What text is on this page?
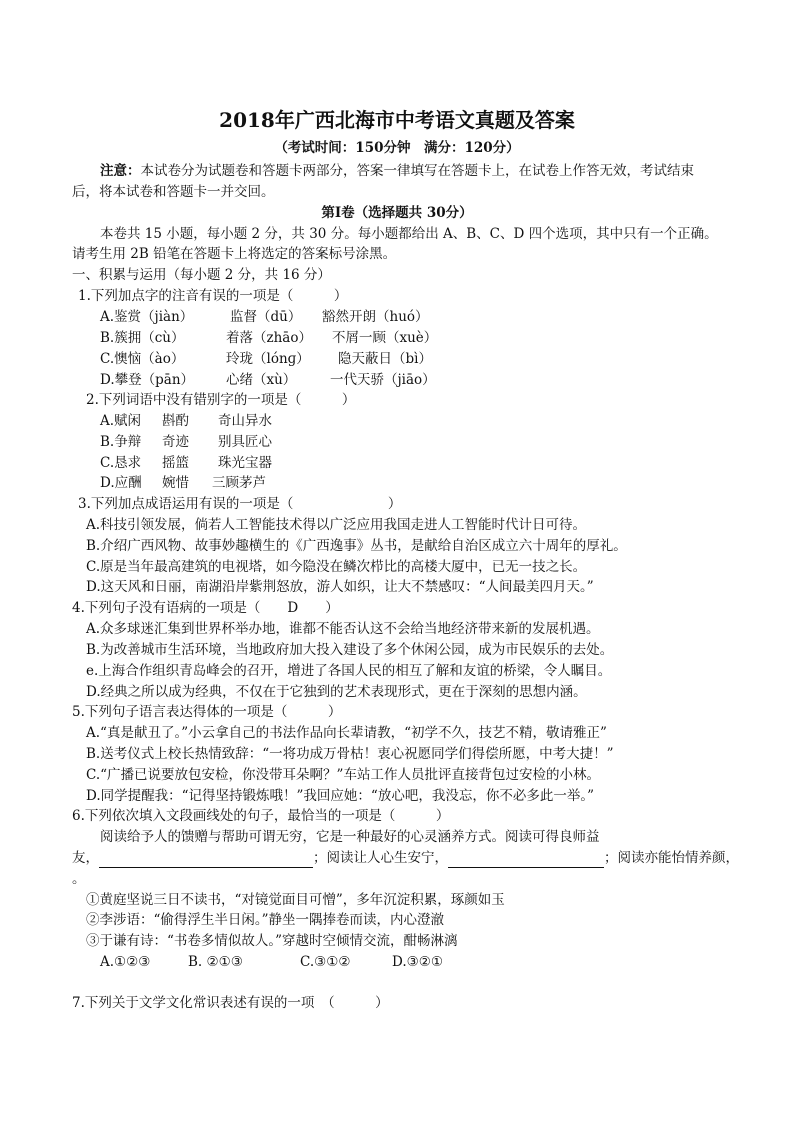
2018年广西北海市中考语文真题及答案
（考试时间：150分钟　满分：120分）
注意：本试卷分为试题卷和答题卡两部分，答案一律填写在答题卡上，在试卷上作答无效，考试结束
后，将本试卷和答题卡一并交回。
第Ⅰ卷（选择题共 30分）
本卷共 15 小题，每小题 2 分，共 30 分。每小题都给出 A、B、C、D 四个选项，其中只有一个正确。
请考生用 2B 铅笔在答题卡上将选定的答案标号涂黑。
一、积累与运用（每小题 2 分，共 16 分）
1.下列加点字的注音有误的一项是（　　　）
A.鉴赏（jiàn）	监督（dū） 豁然开朗（huó）
B.簇拥（cù）	着落（zhāo） 不屑一顾（xuè）
C.懊恼（ào）	玲珑（lónɡ） 隐天蔽日（bì）
D.攀登（pān） 心绪（xù） 一代天骄（jiāo）
2.下列词语中没有错别字的一项是（　　　）
A.赋闲 斟酌 奇山异水
B.争辩 奇迹 别具匠心
C.恳求 摇篮 珠光宝器
D.应酬 婉惜 三顾茅芦
3.下列加点成语运用有误的一项是（　　　　　　　）
A.科技引领发展，倘若人工智能技术得以广泛应用我国走进人工智能时代计日可待。
B.介绍广西风物、故事妙趣横生的《广西逸事》丛书，是献给自治区成立六十周年的厚礼。
C.原是当年最高建筑的电视塔，如今隐没在鳞次栉比的高楼大厦中，已无一技之长。
D.这天风和日丽，南湖沿岸紫荆怒放，游人如织，让大不禁感叹：“人间最美四月天。”
4.下列句子没有语病的一项是（　　D　　）
A.众多球迷汇集到世界杯举办地，谁都不能否认这不会给当地经济带来新的发展机遇。
B.为改善城市生活环境，当地政府加大投入建设了多个休闲公园，成为市民娱乐的去处。
e.上海合作组织青岛峰会的召开，增进了各国人民的相互了解和友谊的桥梁，令人瞩目。
D.经典之所以成为经典，不仅在于它独到的艺术表现形式，更在于深刻的思想内涵。
5.下列句子语言表达得体的一项是（　　　）
A.“真是献丑了。”小云拿自己的书法作品向长辈请教，“初学不久，技艺不精，敬请雅正”
B.送考仪式上校长热情致辞：“一将功成万骨枯！衷心祝愿同学们得偿所愿，中考大捷！”
C.“广播已说要放包安检，你没带耳朵啊？”车站工作人员批评直接背包过安检的小林。
D.同学提醒我：“记得坚持锻炼哦！”我回应她：“放心吧，我没忘，你不必多此一举。”
6.下列依次填入文段画线处的句子，最恰当的一项是（　　　）
阅读给予人的馈赠与帮助可谓无穷，它是一种最好的心灵涵养方式。阅读可得良师益
友，	；阅读让人心生安宁，	；阅读亦能怡情养颜，
。
①黄庭坚说三日不读书，“对镜觉面目可憎”，多年沉淀积累，琢颜如玉
②李涉语：“偷得浮生半日闲。”静坐一隅捧卷而读，内心澄澈
③于谦有诗：“书卷多情似故人。”穿越时空倾情交流，酣畅淋漓
A.①②③	B. ②①③	C.③①②	D.③②①
7.下列关于文学文化常识表述有误的一项　（　　　）
